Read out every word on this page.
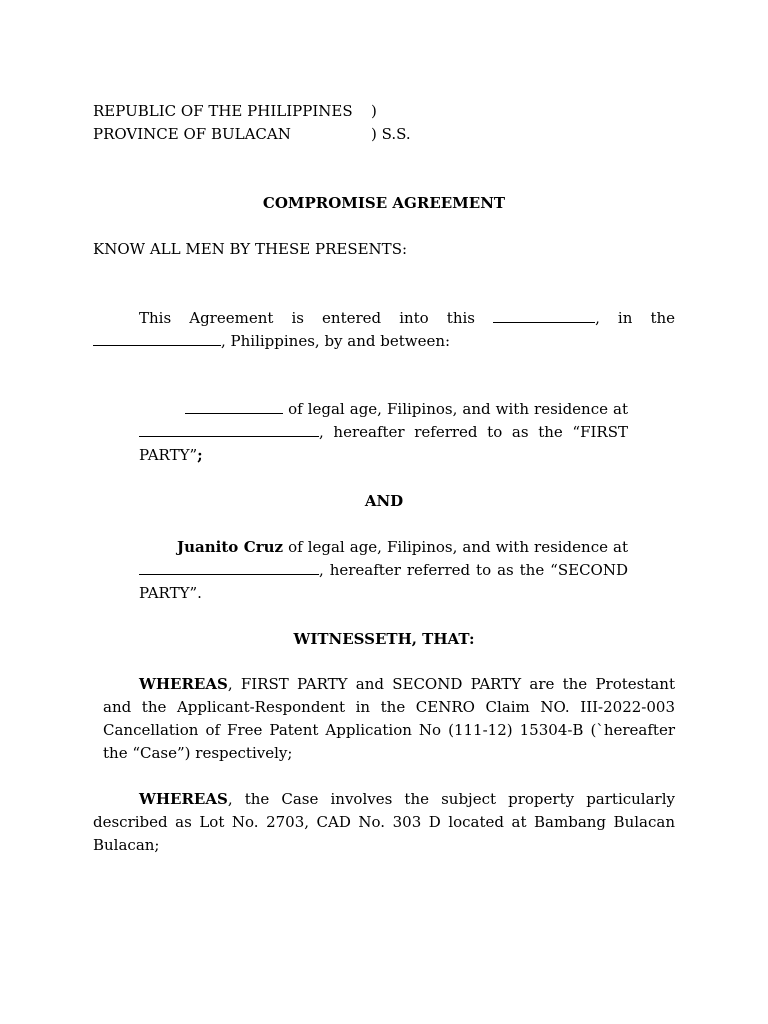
REPUBLIC OF THE PHILIPPINES )
PROVINCE OF BULACAN	) S.S.

COMPROMISE AGREEMENT

KNOW ALL MEN BY THESE PRESENTS:

This Agreement is entered into this	, in the, Philippines, by and between:

of legal age, Filipinos, and with residence at , hereafter referred to as the “FIRST PARTY”;

AND

Juanito Cruz of legal age, Filipinos, and with residence at , hereafter referred to as the “SECOND PARTY”.

WITNESSETH, THAT:

WHEREAS, FIRST PARTY and SECOND PARTY are the Protestant and the Applicant-Respondent in the CENRO Claim NO. III-2022-003 Cancellation of Free Patent Application No (111-12) 15304-B (`hereafter the “Case”) respectively;

WHEREAS, the Case involves the subject property particularly described as Lot No. 2703, CAD No. 303 D located at Bambang Bulacan Bulacan;
